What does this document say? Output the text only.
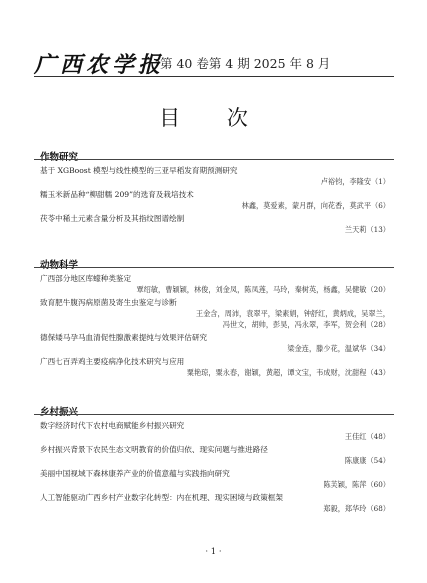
广西农学报
第 40 卷第 4 期 2025 年 8 月
目 次
作物研究
基于 XGBoost 模型与线性模型的三亚早稻发育期预测研究
卢裕钧，李隆安（1）
糯玉米新品种“柳甜糯 209”的选育及栽培技术
林鑫，莫爱素，蒙月群，向花香，莫武平（6）
茯苓中稀土元素含量分析及其指纹图谱绘制
兰天莉（13）
动物科学
广西部分地区库蠓种类鉴定
覃绍敏，曹颖颖，林俊，刘金凤，陈凤莲，马玲，秦树英，杨鑫，吴健敏（20）
致育肥牛腹泻病原菌及寄生虫鉴定与诊断
王金含，周沛，袁翠平，梁素娟，钟舒红，黄炳成，吴翠兰，
冯世文，胡帅，彭昊，冯永翠，李军，贺会利（28）
德保矮马孕马血清促性腺激素提纯与效果评估研究
梁金连，滕少花，温斌华（34）
广西七百弄鸡主要疫病净化技术研究与应用
粟艳琼，粟永春，谢颖，黄超，谭文宝，韦成财，沈甜程（43）
乡村振兴
数字经济时代下农村电商赋能乡村振兴研究
王佳红（48）
乡村振兴背景下农民生态文明教育的价值归依、现实问题与推进路径
陈康康（54）
美丽中国视域下森林康养产业的价值意蕴与实践指向研究
陈芙颖，陈萍（60）
人工智能驱动广西乡村产业数字化转型：内在机理、现实困境与政策框架
郑毅，郑华玲（68）
· 1 ·
